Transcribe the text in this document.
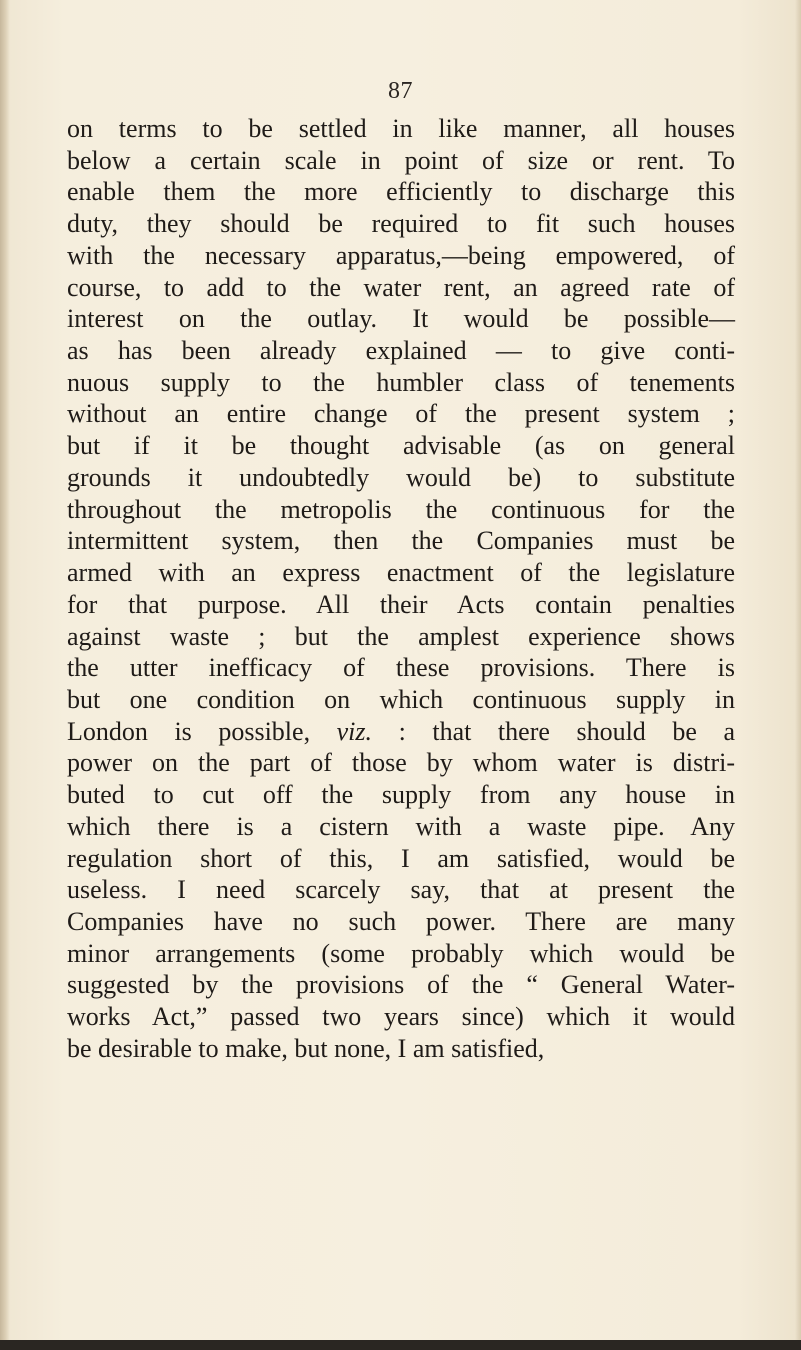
87
on terms to be settled in like manner, all houses
below a certain scale in point of size or rent. To
enable them the more efficiently to discharge this
duty, they should be required to fit such houses
with the necessary apparatus,—being empowered, of
course, to add to the water rent, an agreed rate of
interest on the outlay. It would be possible—
as has been already explained — to give conti-
nuous supply to the humbler class of tenements
without an entire change of the present system ;
but if it be thought advisable (as on general
grounds it undoubtedly would be) to substitute
throughout the metropolis the continuous for the
intermittent system, then the Companies must be
armed with an express enactment of the legislature
for that purpose. All their Acts contain penalties
against waste ; but the amplest experience shows
the utter inefficacy of these provisions. There is
but one condition on which continuous supply in
London is possible, viz. : that there should be a
power on the part of those by whom water is distri-
buted to cut off the supply from any house in
which there is a cistern with a waste pipe. Any
regulation short of this, I am satisfied, would be
useless. I need scarcely say, that at present the
Companies have no such power. There are many
minor arrangements (some probably which would be
suggested by the provisions of the “ General Water-
works Act,” passed two years since) which it would
be desirable to make, but none, I am satisfied,
